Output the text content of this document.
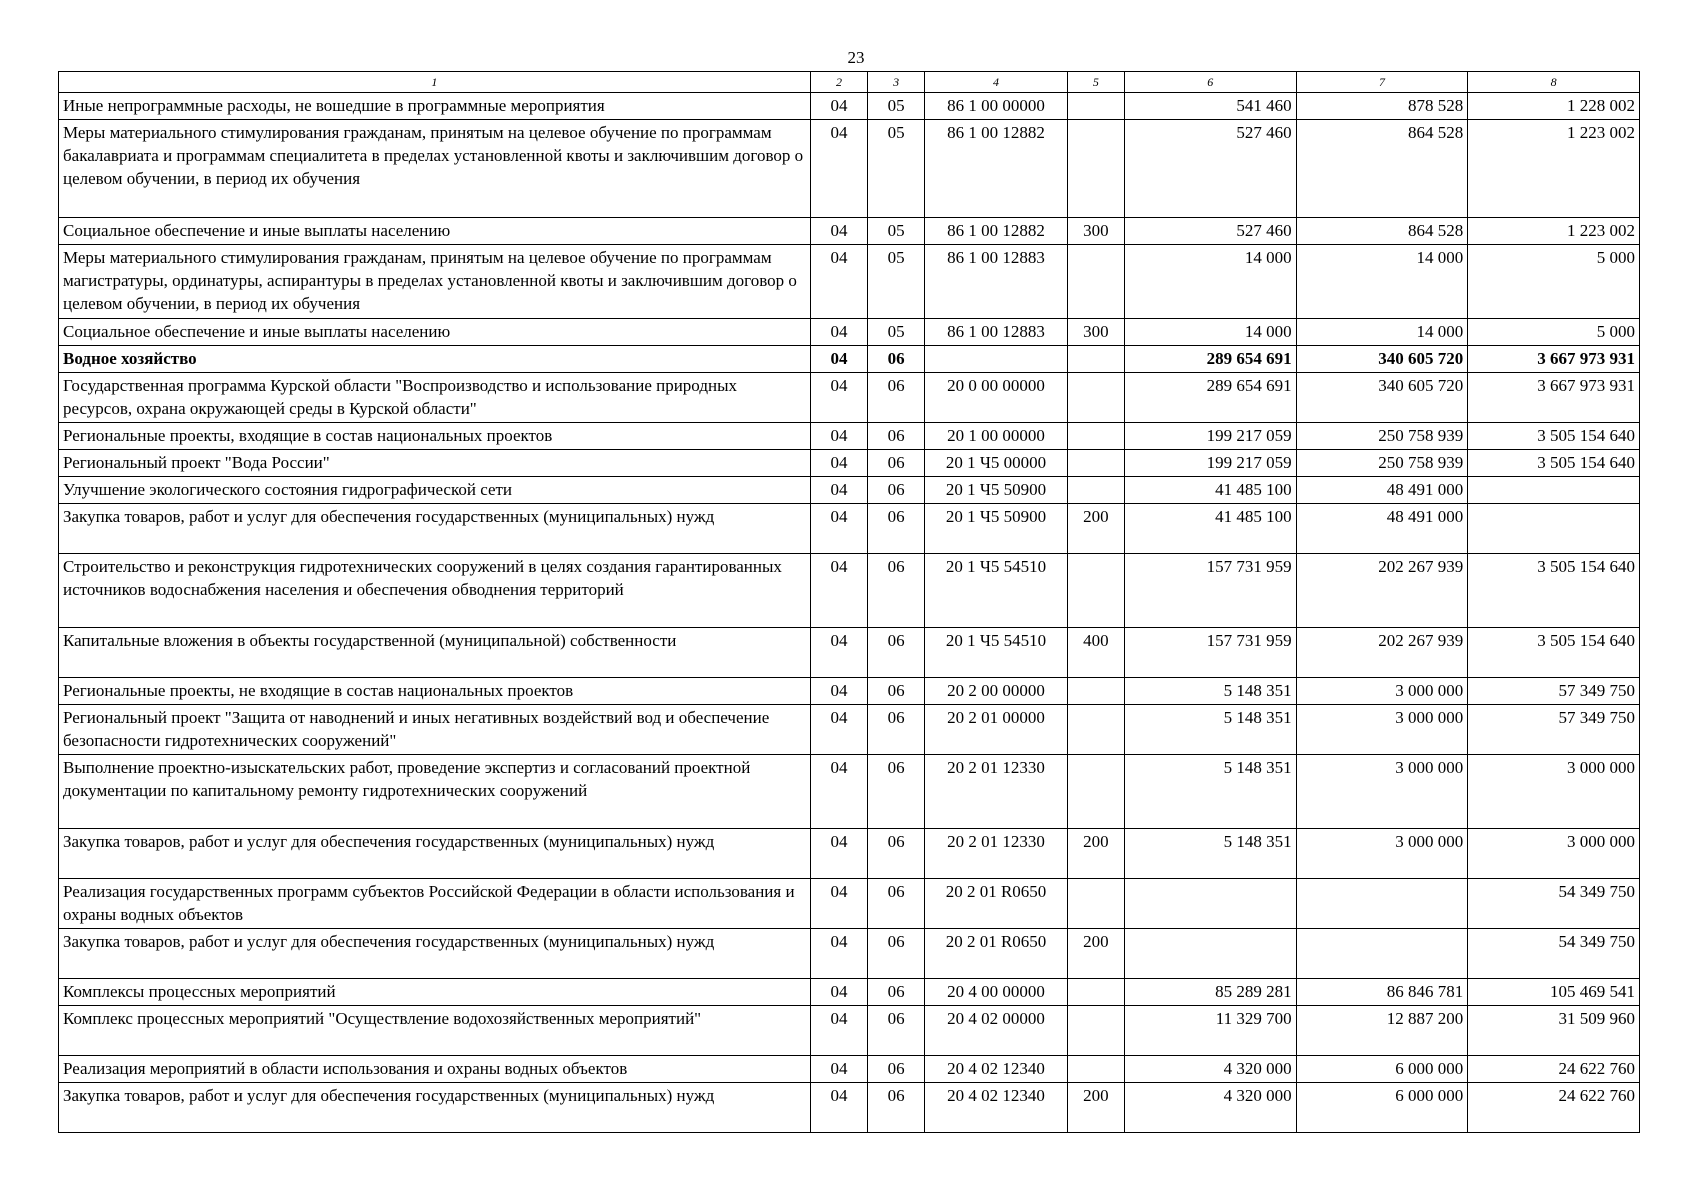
23
1	2	3	4	5	6	7	8
Иные непрограммные расходы, не вошедшие в программные мероприятия	04	05	86 1 00 00000		541 460	878 528	1 228 002
Меры материального стимулирования гражданам, принятым на целевое обучение по программам бакалавриата и программам специалитета в пределах установленной квоты и заключившим договор о целевом обучении, в период их обучения	04	05	86 1 00 12882		527 460	864 528	1 223 002
Социальное обеспечение и иные выплаты населению	04	05	86 1 00 12882	300	527 460	864 528	1 223 002
Меры материального стимулирования гражданам, принятым на целевое обучение по программам магистратуры, ординатуры, аспирантуры в пределах установленной квоты и заключившим договор о целевом обучении, в период их обучения	04	05	86 1 00 12883		14 000	14 000	5 000
Социальное обеспечение и иные выплаты населению	04	05	86 1 00 12883	300	14 000	14 000	5 000
Водное хозяйство	04	06			289 654 691	340 605 720	3 667 973 931
Государственная программа Курской области "Воспроизводство и использование природных ресурсов, охрана окружающей среды в Курской области"	04	06	20 0 00 00000		289 654 691	340 605 720	3 667 973 931
Региональные проекты, входящие в состав национальных проектов	04	06	20 1 00 00000		199 217 059	250 758 939	3 505 154 640
Региональный проект "Вода России"	04	06	20 1 Ч5 00000		199 217 059	250 758 939	3 505 154 640
Улучшение экологического состояния гидрографической сети	04	06	20 1 Ч5 50900		41 485 100	48 491 000	
Закупка товаров, работ и услуг для обеспечения государственных (муниципальных) нужд	04	06	20 1 Ч5 50900	200	41 485 100	48 491 000	
Строительство и реконструкция гидротехнических сооружений в целях создания гарантированных источников водоснабжения населения и обеспечения обводнения территорий	04	06	20 1 Ч5 54510		157 731 959	202 267 939	3 505 154 640
Капитальные вложения в объекты государственной (муниципальной) собственности	04	06	20 1 Ч5 54510	400	157 731 959	202 267 939	3 505 154 640
Региональные проекты, не входящие в состав национальных проектов	04	06	20 2 00 00000		5 148 351	3 000 000	57 349 750
Региональный проект "Защита от наводнений и иных негативных воздействий вод и обеспечение безопасности гидротехнических сооружений"	04	06	20 2 01 00000		5 148 351	3 000 000	57 349 750
Выполнение проектно-изыскательских работ, проведение экспертиз и согласований проектной документации по капитальному ремонту гидротехнических сооружений	04	06	20 2 01 12330		5 148 351	3 000 000	3 000 000
Закупка товаров, работ и услуг для обеспечения государственных (муниципальных) нужд	04	06	20 2 01 12330	200	5 148 351	3 000 000	3 000 000
Реализация государственных программ субъектов Российской Федерации в области использования и охраны водных объектов	04	06	20 2 01 R0650				54 349 750
Закупка товаров, работ и услуг для обеспечения государственных (муниципальных) нужд	04	06	20 2 01 R0650	200			54 349 750
Комплексы процессных мероприятий	04	06	20 4 00 00000		85 289 281	86 846 781	105 469 541
Комплекс процессных мероприятий "Осуществление водохозяйственных мероприятий"	04	06	20 4 02 00000		11 329 700	12 887 200	31 509 960
Реализация мероприятий в области использования и охраны водных объектов	04	06	20 4 02 12340		4 320 000	6 000 000	24 622 760
Закупка товаров, работ и услуг для обеспечения государственных (муниципальных) нужд	04	06	20 4 02 12340	200	4 320 000	6 000 000	24 622 760
